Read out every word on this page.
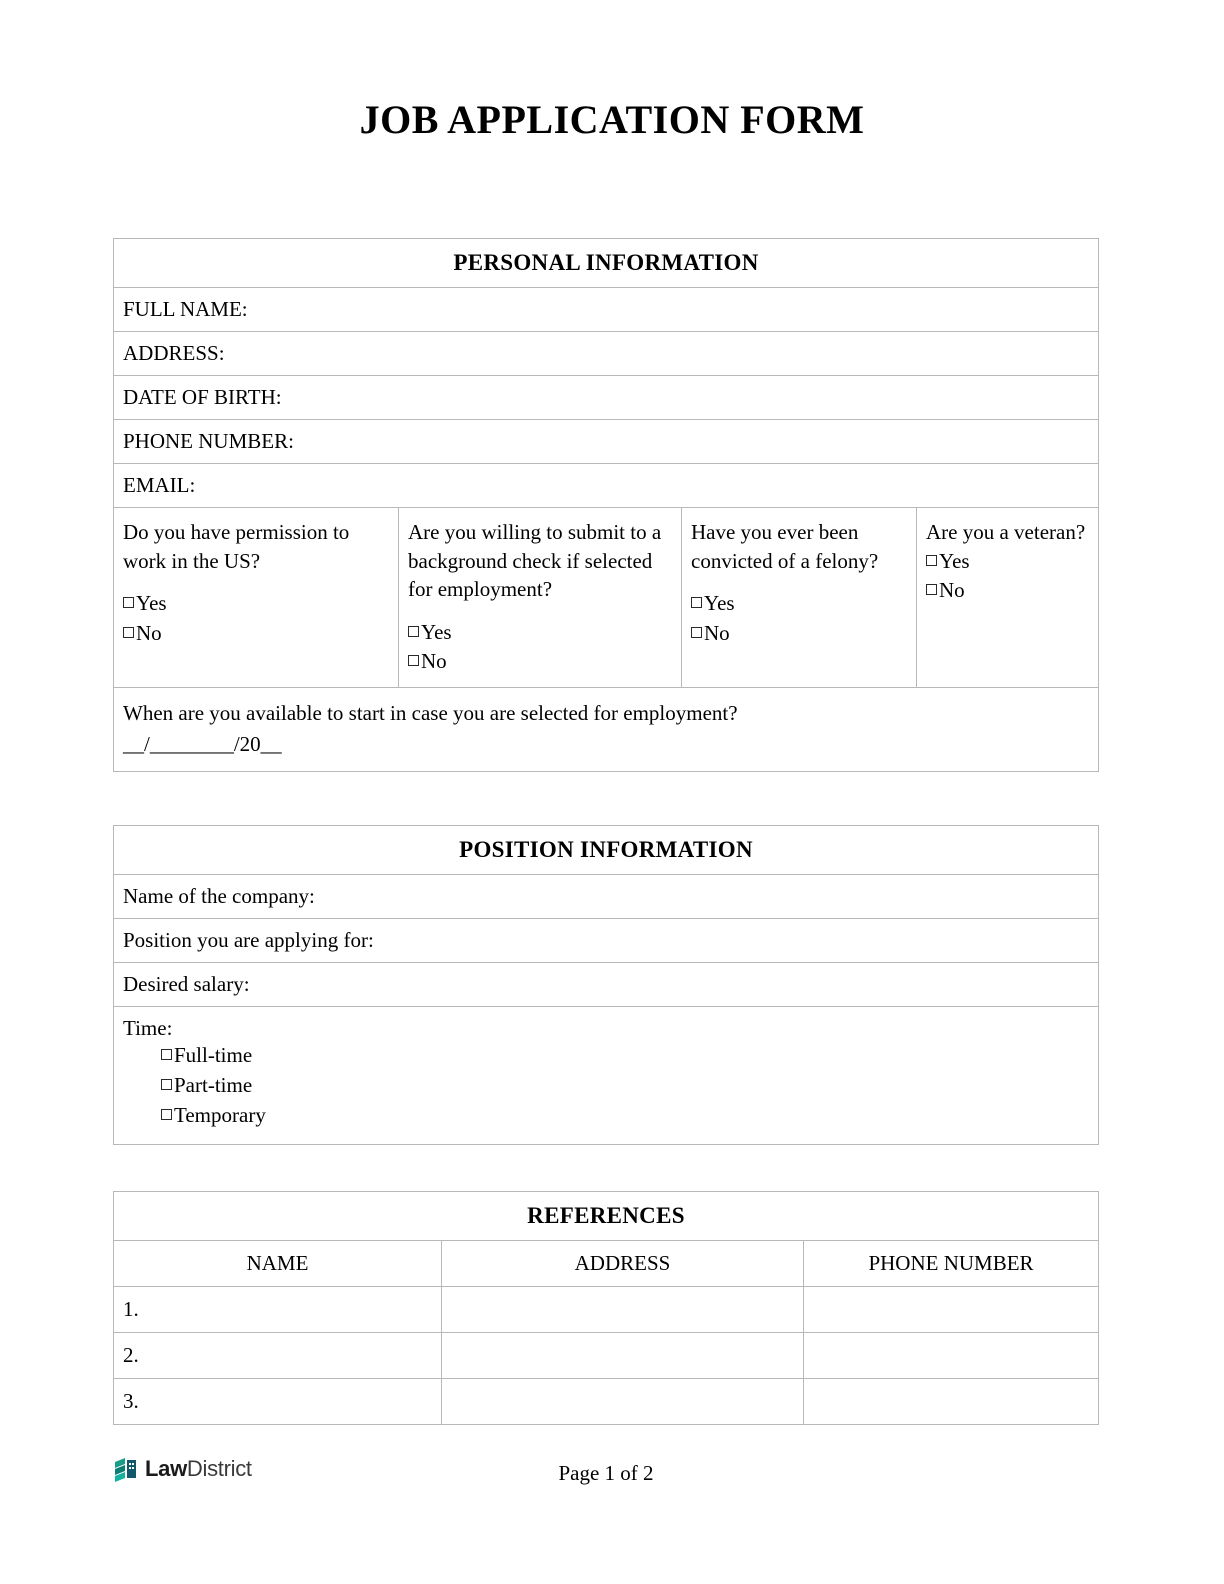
JOB APPLICATION FORM
PERSONAL INFORMATION
FULL NAME:
ADDRESS:
DATE OF BIRTH:
PHONE NUMBER:
EMAIL:
Do you have permission to work in the US?
Yes
No
Are you willing to submit to a background check if selected for employment?
Yes
No
Have you ever been convicted of a felony?
Yes
No
Are you a veteran?
Yes
No
When are you available to start in case you are selected for employment?
__/________/20__
POSITION INFORMATION
Name of the company:
Position you are applying for:
Desired salary:
Time:
Full-time
Part-time
Temporary
REFERENCES
NAME	ADDRESS	PHONE NUMBER
1.
2.
3.
LawDistrict	Page 1 of 2
